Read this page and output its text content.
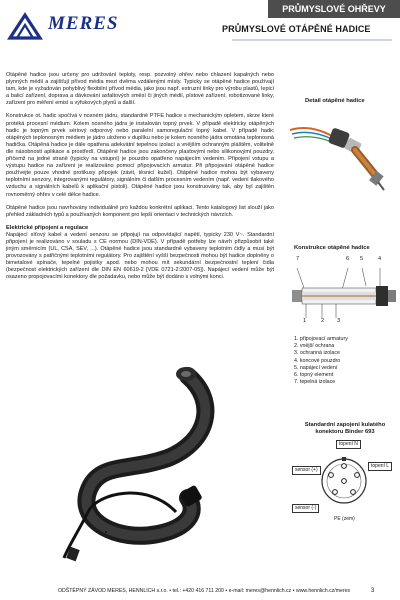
MERES
PRŮMYSLOVÉ OHŘEVY
PRŮMYSLOVÉ OTÁPĚNÉ HADICE

Otápěné hadice jsou určeny pro udržování teploty, resp. pozvolný ohřev nebo chlazení kapalných nebo plynných médií a zajišťují přívod média mezi dvěma vzdálenými místy. Typicky se otápěné hadice používají tam, kde je vyžadován pohyblivý flexibilní přívod média, jako jsou např. extruzní linky pro výrobu plastů, lepicí a balicí zařízení, doprava a dávkování asfaltových směsí či jiných médií, pístové zařízení, robotizované linky, zařízení pro měření emisí a výfukových plynů a další.

Konstrukce ot. hadic spočívá v nosném jádru, standardně PTFE hadice s mechanickým opletem, skrze které protéká procesní médium. Kolem nosného jádra je instalován topný prvek. V případě elektricky otápěných hadic je topným prvek sériový odporový nebo paralelní samoregulační topný kabel. V případě hadic otápěných teplonosným médiem je jádro uloženo v duplíku nebo je kolem nosného jádra omotána teplonosná hadička. Otápěná hadice je dále opatřena adekvátní tepelnou izolací a vnějším ochranným pláštěm, volitelně dle násobnosti aplikace a prostředí. Otápěné hadice jsou zakončeny plastovými nebo silikonovými pouzdry, příčemž na jedné straně (typicky na vstupní) je pouzdro opatřeno napájecím vedením. Připojení vstupu a výstupu hadice na zařízení je realizováno pomocí připojovacích armatur. Při připojování otápěné hadice používejte pouze vhodné protikusy připojek (závit, těsnicí kužel). Otápěné hadice mohou být vybaveny teplotními senzory, integrovanými regulátory, signálním či dalším procesním vedením (např. vedení tlakového vzduchu a signálních kabelů k aplikační pistoli). Otápěné hadice jsou konstruovány tak, aby byl zajištěn rovnoměrný ohřev v celé délce hadice.

Otápěné hadice jsou navrhovány individuálně pro každou konkrétní aplikaci. Tento katalogový list slouží jako přehled základních typů a používaných komponent pro lepší orientaci v technických návrzích.

Elektrické připojení a regulace

Napájecí síťový kabel a vedení senzoru se připojují na odpovídající napětí, typicky 230 V~. Standardní připojení je realizováno v souladu s CE normou (DIN-VDE). V případě potřeby lze návrh přizpůsobit také jiným směrnicím (UL, CSA, SEV, ...). Otápěné hadice jsou standardně vybaveny teplotním čidly a musí být provozovány s patřičnými teplotními regulátory. Pro zajištění vyšší bezpečnosti mohou být hadice doplněny o bimetalové spínače, tepelné pojistky apod. nebo mohou mít sekundární bezpečnostní teplení čidla (bezpečnost elektrických zařízení dle DIN EN 60619-2 [VDE 0721-2:2007-05]). Napájecí vedení může být osazeno propojovacími konektory dle požadavku, nebo může být dodáno s volnými konci.

Detail otápěné hadice
Konstrukce otápěné hadice
7	6 5	4
1	2 3
1. připojovací armatury
2. vnější ochrana
3. ochranná izolace
4. koncové pouzdro
5. napájecí vedení
6. topný element
7. tepelná izolace
Standardní zapojení kulatého konektoru Binder 693
topení N
topení L
sensor (+)
sensor (-)
PE (zem)
ODŠTĚPNÝ ZÁVOD MERES, HENNLICH s.r.o. • tel.: +420 416 711 200 • e-mail: meres@hennlich.cz • www.hennlich.cz/meres	3
